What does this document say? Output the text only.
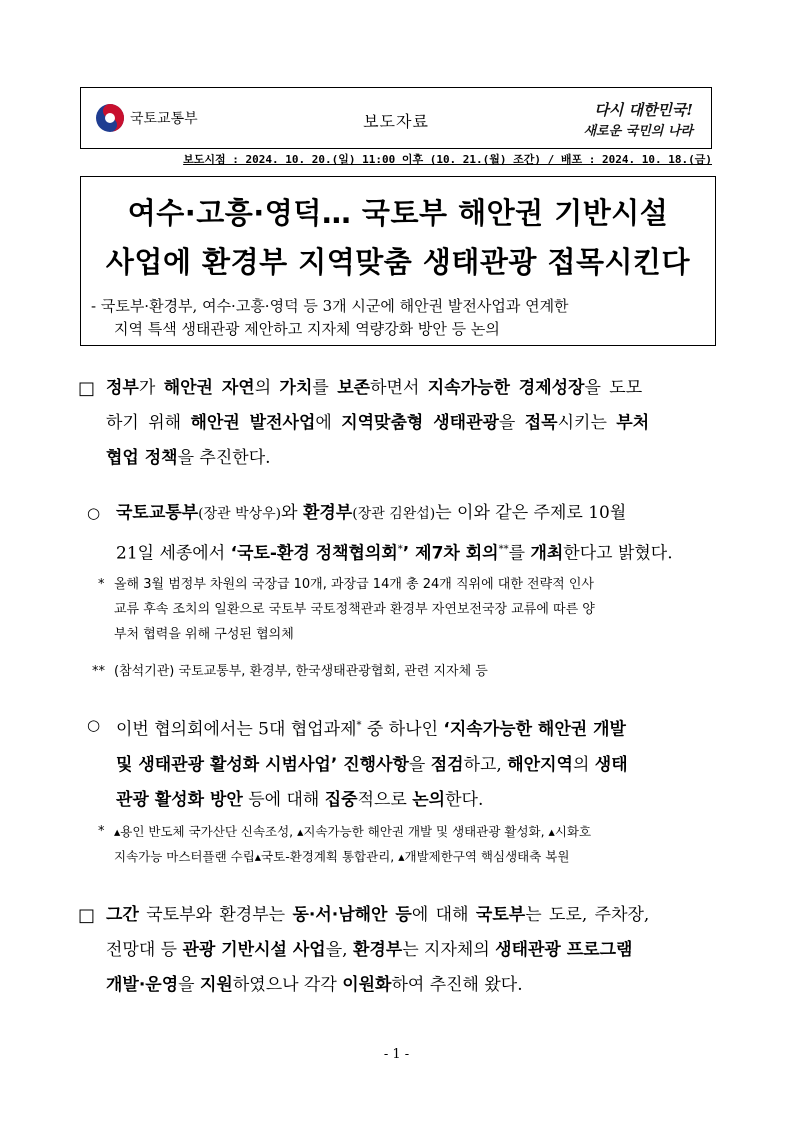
국토교통부	보도자료
다시 대한민국!
새로운 국민의 나라
보도시점 : 2024. 10. 20.(일) 11:00 이후 (10. 21.(월) 조간) / 배포 : 2024. 10. 18.(금)
여수·고흥·영덕… 국토부 해안권 기반시설
사업에 환경부 지역맞춤 생태관광 접목시킨다
- 국토부·환경부, 여수·고흥·영덕 등 3개 시군에 해안권 발전사업과 연계한
지역 특색 생태관광 제안하고 지자체 역량강화 방안 등 논의
□ 정부가 해안권 자연의 가치를 보존하면서 지속가능한 경제성장을 도모
하기 위해 해안권 발전사업에 지역맞춤형 생태관광을 접목시키는 부처
협업 정책을 추진한다.
○ 국토교통부(장관 박상우)와 환경부(장관 김완섭)는 이와 같은 주제로 10월
21일 세종에서 ‘국토-환경 정책협의회*’ 제7차 회의**를 개최한다고 밝혔다.
* 올해 3월 범정부 차원의 국장급 10개, 과장급 14개 총 24개 직위에 대한 전략적 인사
교류 후속 조치의 일환으로 국토부 국토정책관과 환경부 자연보전국장 교류에 따른 양
부처 협력을 위해 구성된 협의체
** (참석기관) 국토교통부, 환경부, 한국생태관광협회, 관련 지자체 등
○ 이번 협의회에서는 5대 협업과제* 중 하나인 ‘지속가능한 해안권 개발
및 생태관광 활성화 시범사업’ 진행사항을 점검하고, 해안지역의 생태
관광 활성화 방안 등에 대해 집중적으로 논의한다.
* ▴용인 반도체 국가산단 신속조성, ▴지속가능한 해안권 개발 및 생태관광 활성화, ▴시화호
지속가능 마스터플랜 수립▴국토-환경계획 통합관리, ▴개발제한구역 핵심생태축 복원
□ 그간 국토부와 환경부는 동·서·남해안 등에 대해 국토부는 도로, 주차장,
전망대 등 관광 기반시설 사업을, 환경부는 지자체의 생태관광 프로그램
개발·운영을 지원하였으나 각각 이원화하여 추진해 왔다.
- 1 -
